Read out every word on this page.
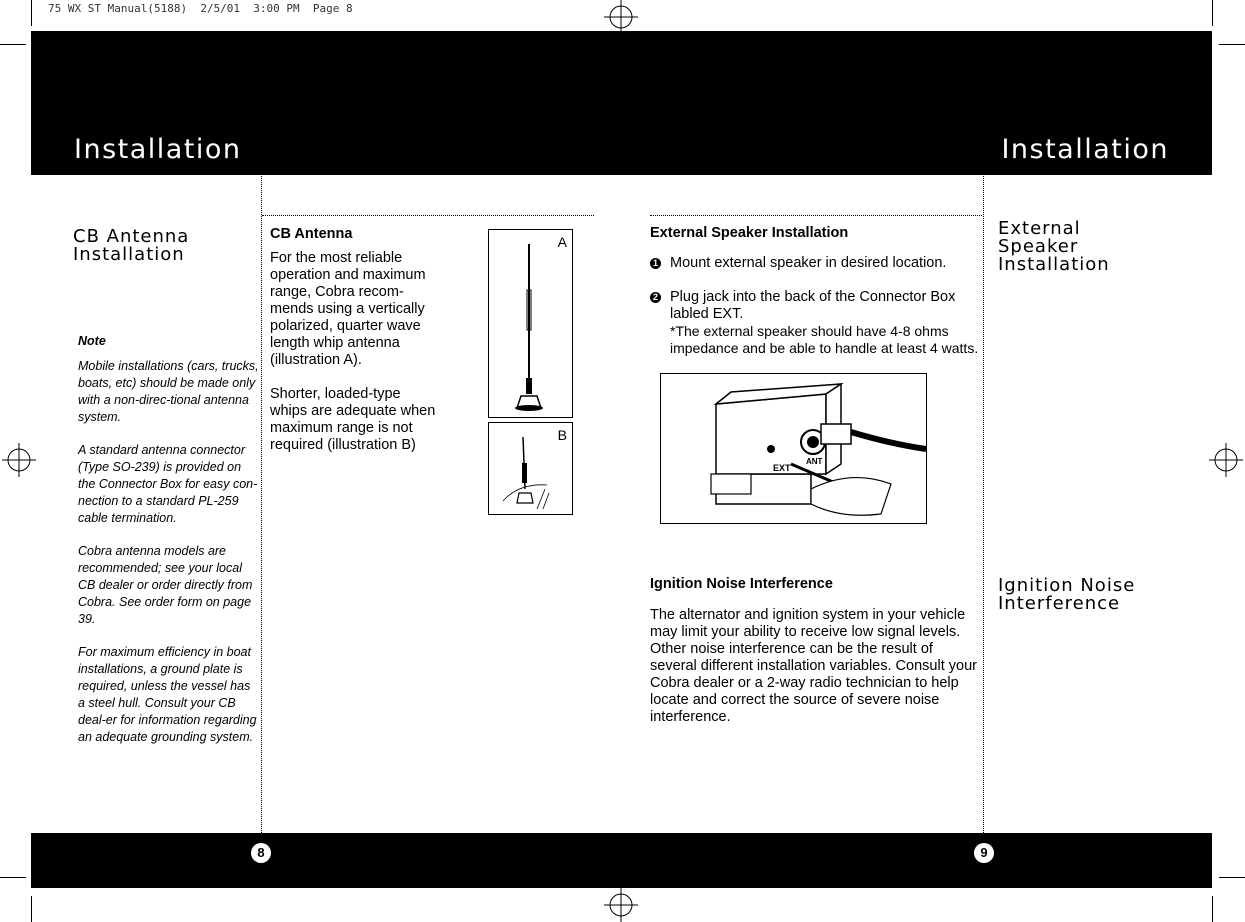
75 WX ST Manual(5188)  2/5/01  3:00 PM  Page 8
Installation	Installation
8	9
CB Antenna
Installation
Note

Mobile installations (cars, trucks, boats, etc) should be made only with a non-direc-tional antenna system.

A standard antenna connector (Type SO-239) is provided on the Connector Box for easy con-nection to a standard PL-259 cable termination.

Cobra antenna models are recommended; see your local CB dealer or order directly from Cobra. See order form on page 39.

For maximum efficiency in boat installations, a ground plate is required, unless the vessel has a steel hull. Consult your CB deal-er for information regarding an adequate grounding system.

CB Antenna
For the most reliable operation and maximum range, Cobra recom-mends using a vertically polarized, quarter wave length whip antenna (illustration A).
Shorter, loaded-type whips are adequate when maximum range is not required (illustration B)
A
B
External Speaker Installation
1 Mount external speaker in desired location.
2 Plug jack into the back of the Connector Box labled EXT.
*The external speaker should have 4-8 ohms impedance and be able to handle at least 4 watts.
EXT
ANT
Ignition Noise Interference
The alternator and ignition system in your vehicle may limit your ability to receive low signal levels. Other noise interference can be the result of several different installation variables. Consult your Cobra dealer or a 2-way radio technician to help locate and correct the source of severe noise interference.
External
Speaker
Installation
Ignition Noise
Interference
